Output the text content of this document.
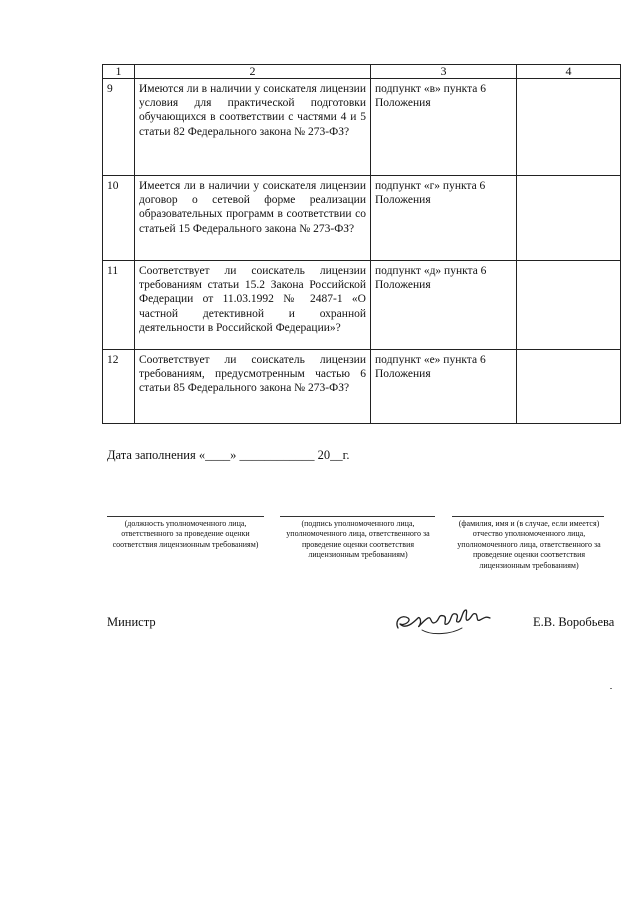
1	2	3	4
9	Имеются ли в наличии у соискателя лицензии условия для практической подготовки обучающихся в соответствии с частями 4 и 5 статьи 82 Федерального закона № 273-ФЗ?	подпункт «в» пункта 6 Положения	
10	Имеется ли в наличии у соискателя лицензии договор о сетевой форме реализации образовательных программ в соответствии со статьей 15 Федерального закона № 273-ФЗ?	подпункт «г» пункта 6 Положения	
11	Соответствует ли соискатель лицензии требованиям статьи 15.2 Закона Российской Федерации от 11.03.1992 № 2487-1 «О частной детективной и охранной деятельности в Российской Федерации»?	подпункт «д» пункта 6 Положения	
12	Соответствует ли соискатель лицензии требованиям, предусмотренным частью 6 статьи 85 Федерального закона № 273-ФЗ?	подпункт «е» пункта 6 Положения	
Дата заполнения «____» ____________ 20__г.
(должность уполномоченного лица, ответственного за проведение оценки соответствия лицензионным требованиям)
(подпись уполномоченного лица, уполномоченного лица, ответственного за проведение оценки соответствия лицензионным требованиям)
(фамилия, имя и (в случае, если имеется) отчество уполномоченного лица, уполномоченного лица, ответственного за проведение оценки соответствия лицензионным требованиям)
Министр	Е.В. Воробьева
